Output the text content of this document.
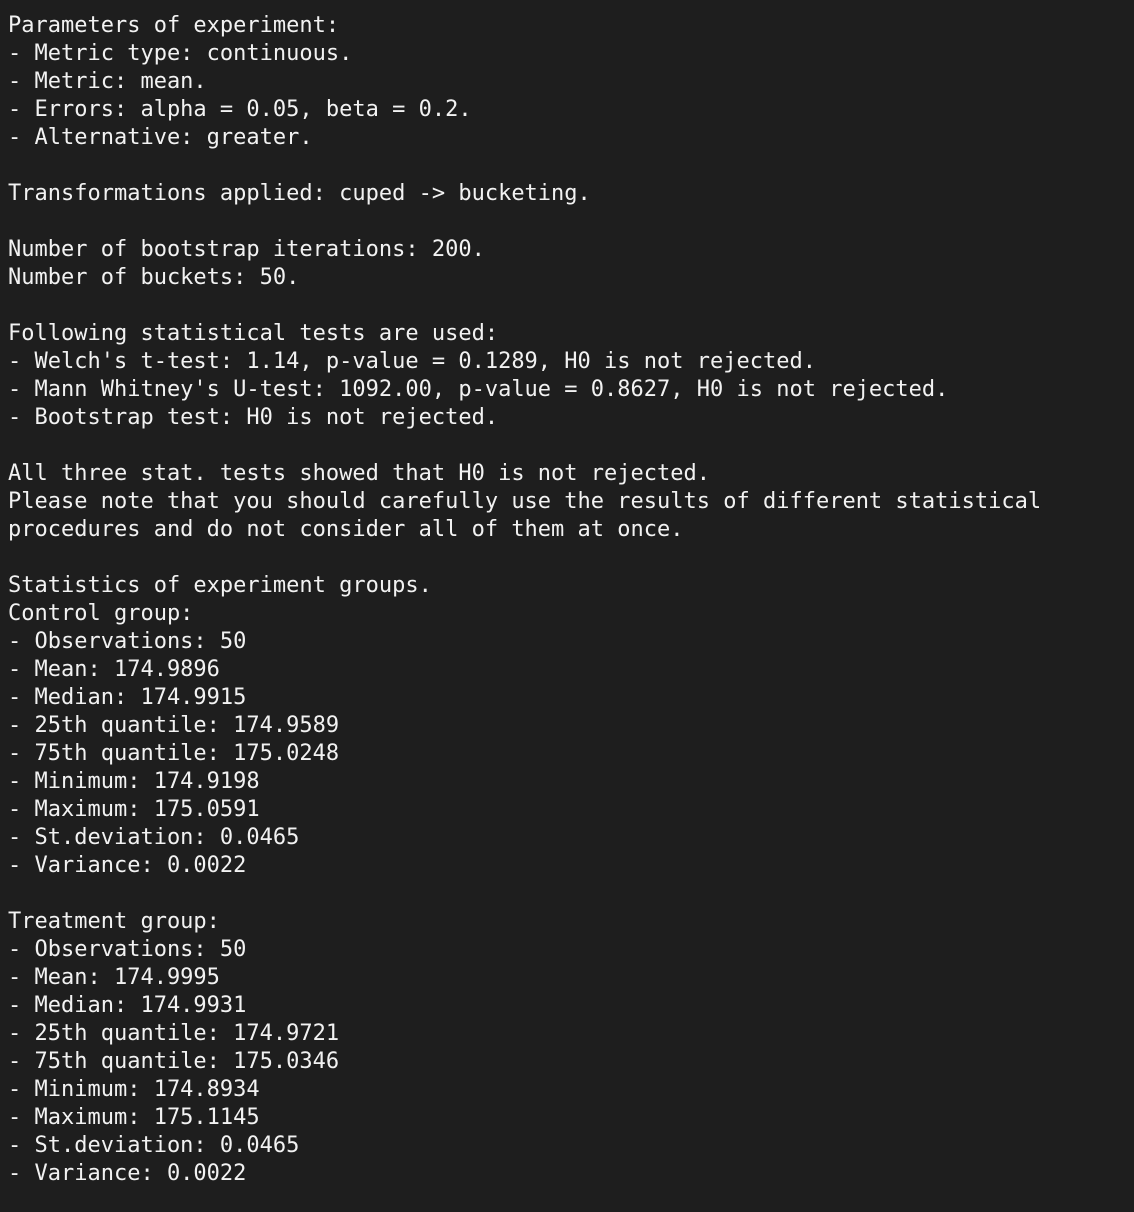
Parameters of experiment:
- Metric type: continuous.
- Metric: mean.
- Errors: alpha = 0.05, beta = 0.2.
- Alternative: greater.
Transformations applied: cuped -> bucketing.
Number of bootstrap iterations: 200.
Number of buckets: 50.
Following statistical tests are used:
- Welch's t-test: 1.14, p-value = 0.1289, H0 is not rejected.
- Mann Whitney's U-test: 1092.00, p-value = 0.8627, H0 is not rejected.
- Bootstrap test: H0 is not rejected.
All three stat. tests showed that H0 is not rejected.
Please note that you should carefully use the results of different statistical
procedures and do not consider all of them at once.
Statistics of experiment groups.
Control group:
- Observations: 50
- Mean: 174.9896
- Median: 174.9915
- 25th quantile: 174.9589
- 75th quantile: 175.0248
- Minimum: 174.9198
- Maximum: 175.0591
- St.deviation: 0.0465
- Variance: 0.0022
Treatment group:
- Observations: 50
- Mean: 174.9995
- Median: 174.9931
- 25th quantile: 174.9721
- 75th quantile: 175.0346
- Minimum: 174.8934
- Maximum: 175.1145
- St.deviation: 0.0465
- Variance: 0.0022
